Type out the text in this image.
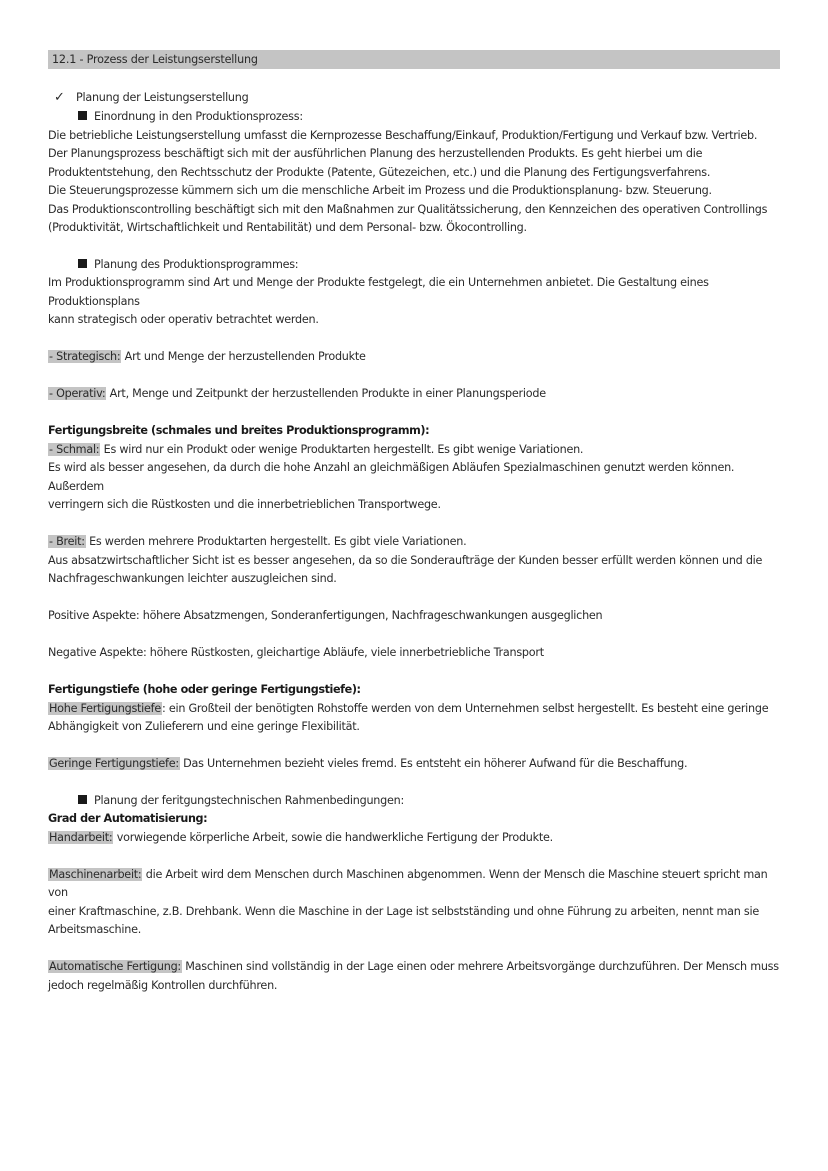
12.1 - Prozess der Leistungserstellung
✓ Planung der Leistungserstellung
Einordnung in den Produktionsprozess:

Die betriebliche Leistungserstellung umfasst die Kernprozesse Beschaffung/Einkauf, Produktion/Fertigung und Verkauf bzw. Vertrieb.

Der Planungsprozess beschäftigt sich mit der ausführlichen Planung des herzustellenden Produkts. Es geht hierbei um die

Produktentstehung, den Rechtsschutz der Produkte (Patente, Gütezeichen, etc.) und die Planung des Fertigungsverfahrens.

Die Steuerungsprozesse kümmern sich um die menschliche Arbeit im Prozess und die Produktionsplanung- bzw. Steuerung.

Das Produktionscontrolling beschäftigt sich mit den Maßnahmen zur Qualitätssicherung, den Kennzeichen des operativen Controllings

(Produktivität, Wirtschaftlichkeit und Rentabilität) und dem Personal- bzw. Ökocontrolling.

Planung des Produktionsprogrammes:

Im Produktionsprogramm sind Art und Menge der Produkte festgelegt, die ein Unternehmen anbietet. Die Gestaltung eines Produktionsplans

kann strategisch oder operativ betrachtet werden.

- Strategisch: Art und Menge der herzustellenden Produkte

- Operativ: Art, Menge und Zeitpunkt der herzustellenden Produkte in einer Planungsperiode

Fertigungsbreite (schmales und breites Produktionsprogramm):

- Schmal: Es wird nur ein Produkt oder wenige Produktarten hergestellt. Es gibt wenige Variationen.

Es wird als besser angesehen, da durch die hohe Anzahl an gleichmäßigen Abläufen Spezialmaschinen genutzt werden können. Außerdem

verringern sich die Rüstkosten und die innerbetrieblichen Transportwege.

- Breit: Es werden mehrere Produktarten hergestellt. Es gibt viele Variationen.

Aus absatzwirtschaftlicher Sicht ist es besser angesehen, da so die Sonderaufträge der Kunden besser erfüllt werden können und die

Nachfrageschwankungen leichter auszugleichen sind.

Positive Aspekte: höhere Absatzmengen, Sonderanfertigungen, Nachfrageschwankungen ausgeglichen

Negative Aspekte: höhere Rüstkosten, gleichartige Abläufe, viele innerbetriebliche Transport

Fertigungstiefe (hohe oder geringe Fertigungstiefe):

Hohe Fertigungstiefe: ein Großteil der benötigten Rohstoffe werden von dem Unternehmen selbst hergestellt. Es besteht eine geringe

Abhängigkeit von Zulieferern und eine geringe Flexibilität.

Geringe Fertigungstiefe: Das Unternehmen bezieht vieles fremd. Es entsteht ein höherer Aufwand für die Beschaffung.

Planung der feritgungstechnischen Rahmenbedingungen:

Grad der Automatisierung:

Handarbeit: vorwiegende körperliche Arbeit, sowie die handwerkliche Fertigung der Produkte.

Maschinenarbeit: die Arbeit wird dem Menschen durch Maschinen abgenommen. Wenn der Mensch die Maschine steuert spricht man von

einer Kraftmaschine, z.B. Drehbank. Wenn die Maschine in der Lage ist selbstständing und ohne Führung zu arbeiten, nennt man sie

Arbeitsmaschine.

Automatische Fertigung: Maschinen sind vollständig in der Lage einen oder mehrere Arbeitsvorgänge durchzuführen. Der Mensch muss

jedoch regelmäßig Kontrollen durchführen.
